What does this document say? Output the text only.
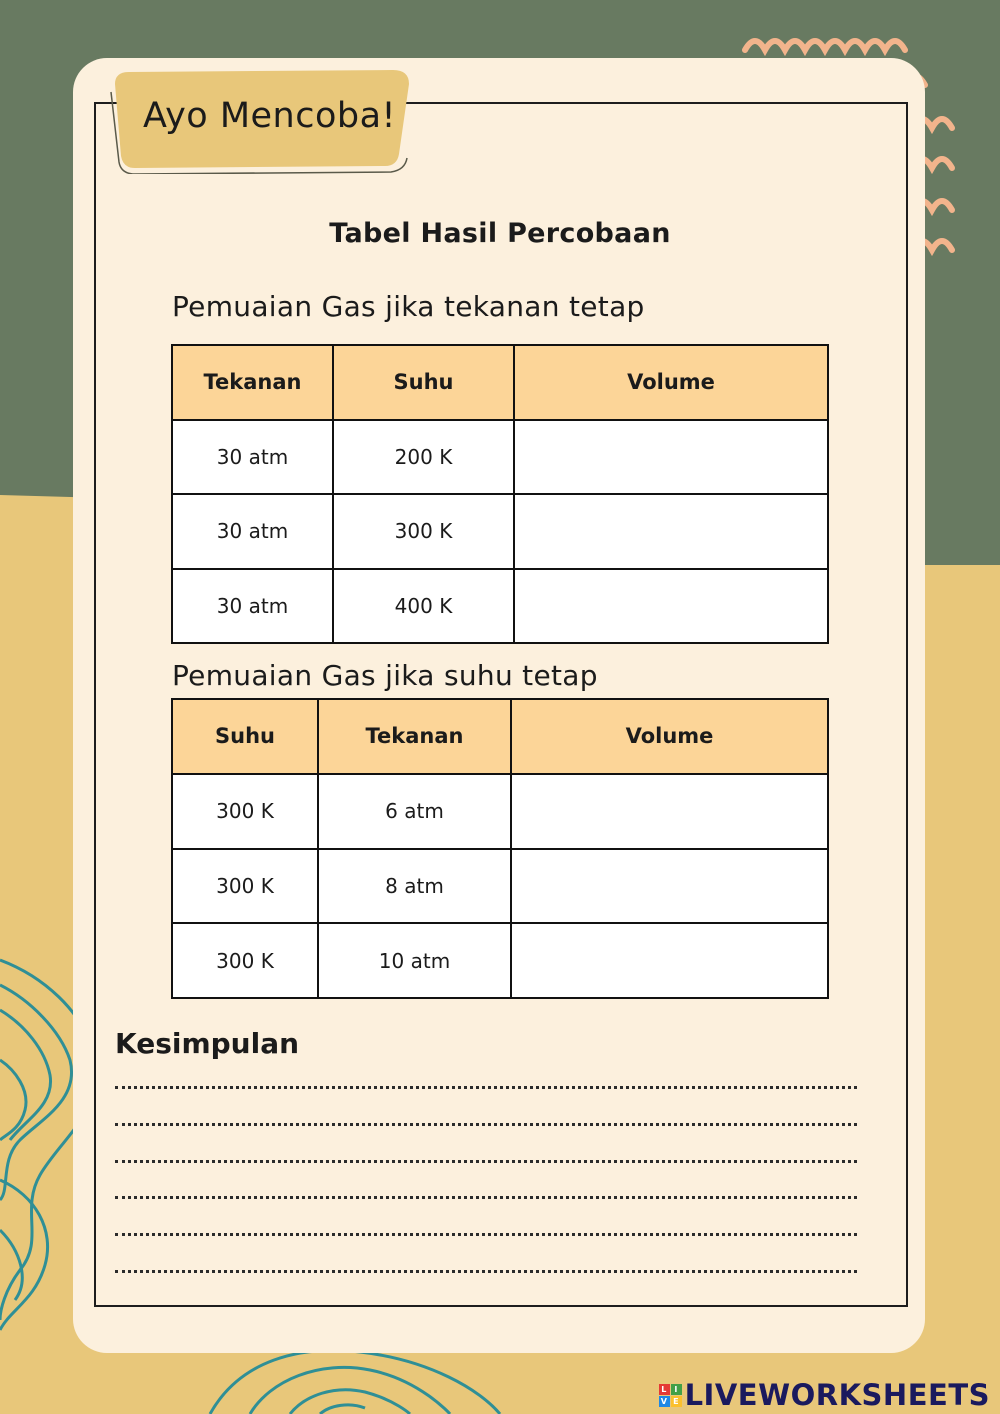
Ayo Mencoba!
Tabel Hasil Percobaan
Pemuaian Gas jika tekanan tetap
Tekanan	Suhu	Volume
30 atm	200 K	
30 atm	300 K	
30 atm	400 K	
Pemuaian Gas jika suhu tetap
Suhu	Tekanan	Volume
300 K	6 atm	
300 K	8 atm	
300 K	10 atm	
Kesimpulan
L I
V E LIVEWORKSHEETS
